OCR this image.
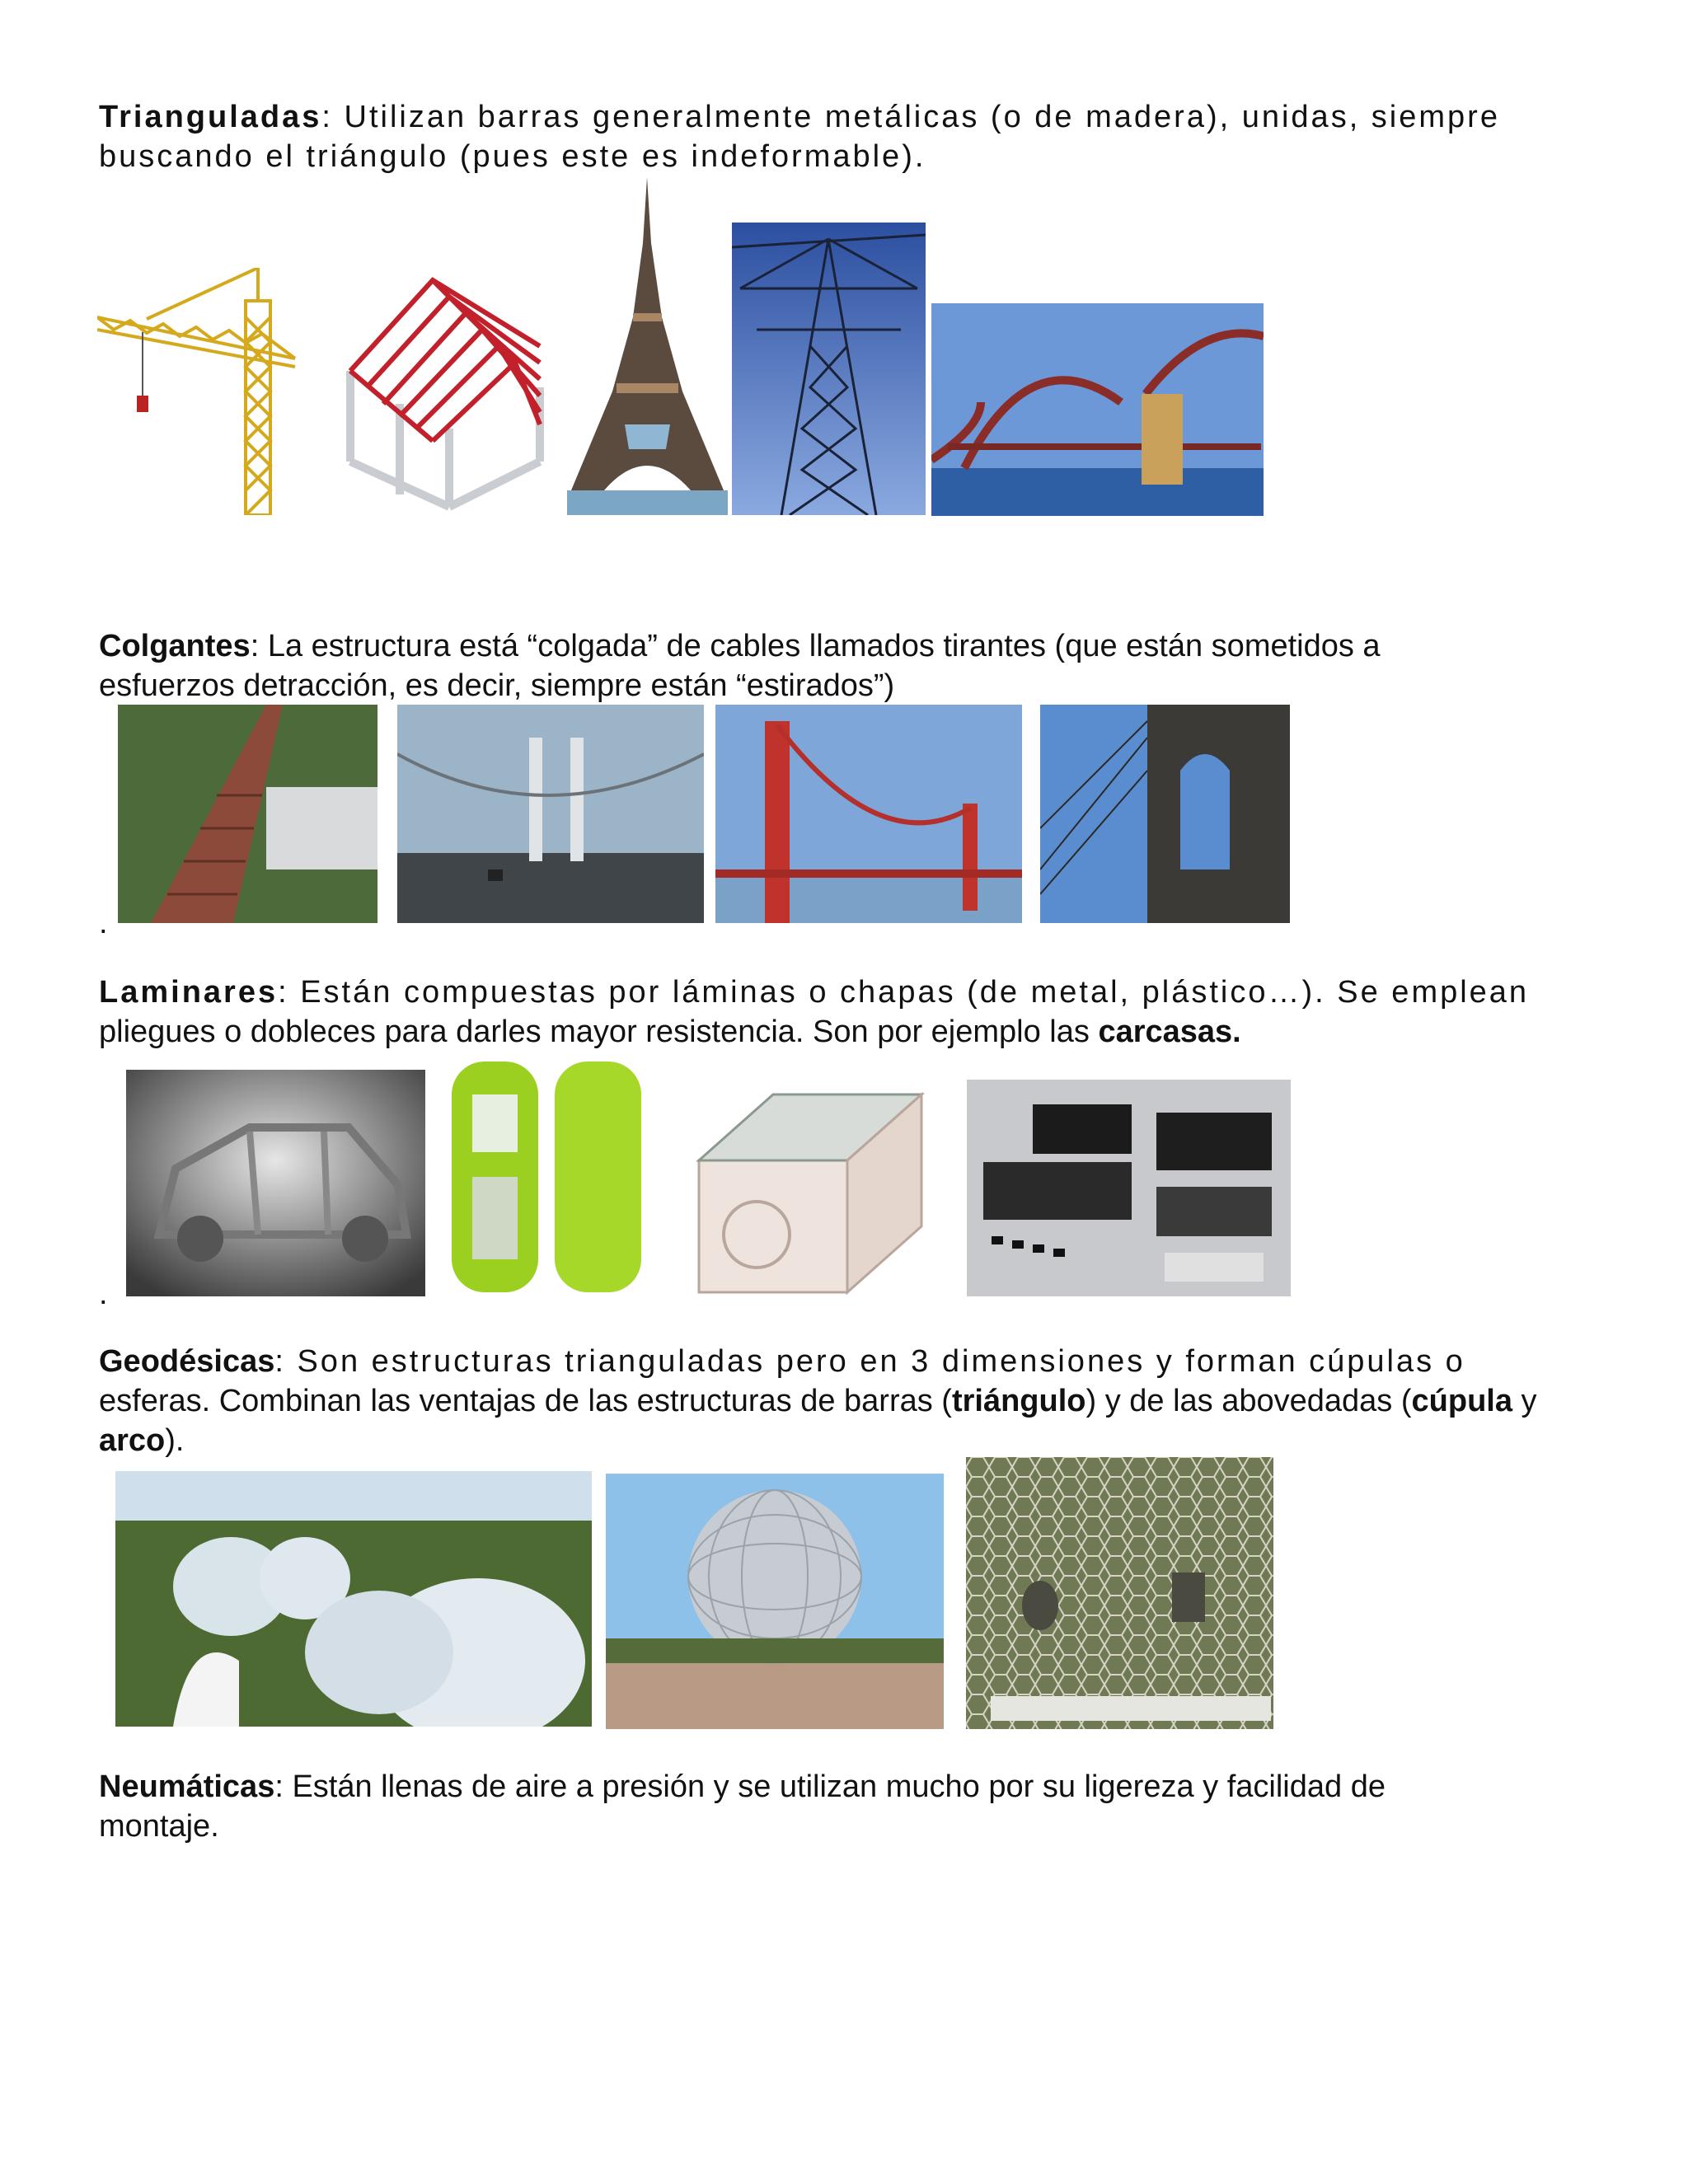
Trianguladas: Utilizan barras generalmente metálicas (o de madera), unidas, siempre
buscando el triángulo (pues este es indeformable).

Colgantes: La estructura está “colgada” de cables llamados tirantes (que están sometidos a
esfuerzos detracción, es decir, siempre están “estirados”)

.

Laminares: Están compuestas por láminas o chapas (de metal, plástico…). Se emplean
pliegues o dobleces para darles mayor resistencia. Son por ejemplo las carcasas.

.

Geodésicas: Son estructuras trianguladas pero en 3 dimensiones y forman cúpulas o
esferas. Combinan las ventajas de las estructuras de barras (triángulo) y de las abovedadas (cúpula y
arco).

Neumáticas: Están llenas de aire a presión y se utilizan mucho por su ligereza y facilidad de
montaje.
